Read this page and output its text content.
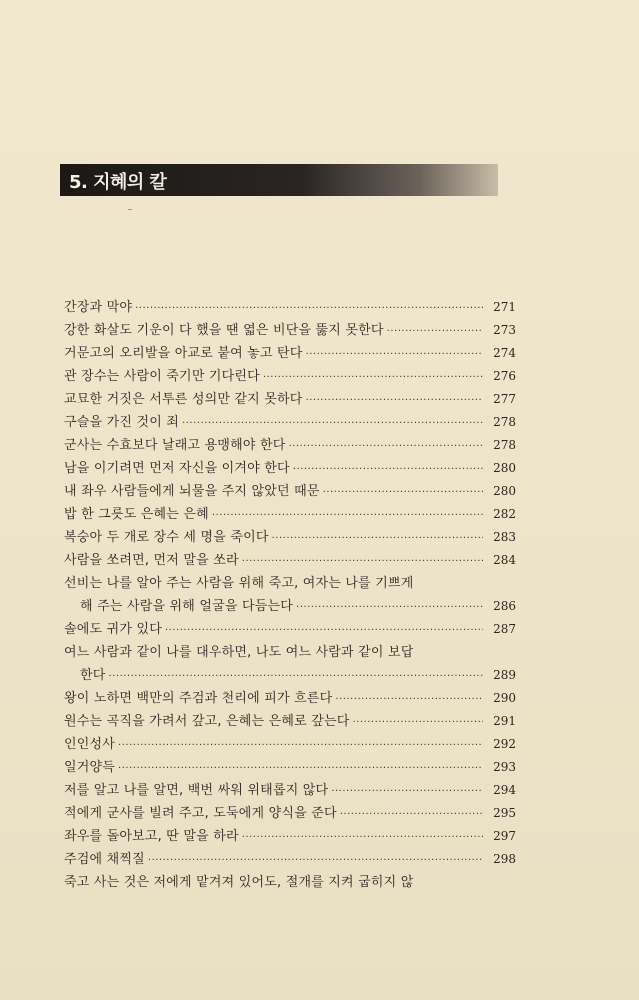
5. 지혜의 칼
‾
간장과 막야 ·····	271
강한 화살도 기운이 다 했을 땐 엷은 비단을 뚫지 못한다 ·····	273
거문고의 오리발을 아교로 붙여 놓고 탄다 ·····	274
관 장수는 사람이 죽기만 기다린다 ·····	276
교묘한 거짓은 서투른 성의만 같지 못하다 ·····	277
구슬을 가진 것이 죄 ·····	278
군사는 수효보다 날래고 용맹해야 한다 ·····	278
남을 이기려면 먼저 자신을 이겨야 한다 ·····	280
내 좌우 사람들에게 뇌물을 주지 않았던 때문 ·····	280
밥 한 그릇도 은혜는 은혜 ·····	282
복숭아 두 개로 장수 세 명을 죽이다 ·····	283
사람을 쏘려면, 먼저 말을 쏘라 ·····	284
선비는 나를 알아 주는 사람을 위해 죽고, 여자는 나를 기쁘게
해 주는 사람을 위해 얼굴을 다듬는다 ·····	286
솔에도 귀가 있다 ·····	287
여느 사람과 같이 나를 대우하면, 나도 여느 사람과 같이 보답
한다 ·····	289
왕이 노하면 백만의 주검과 천리에 피가 흐른다 ·····	290
원수는 곡직을 가려서 갚고, 은혜는 은혜로 갚는다 ·····	291
인인성사 ·····	292
일거양득 ·····	293
저를 알고 나를 알면, 백번 싸워 위태롭지 않다 ·····	294
적에게 군사를 빌려 주고, 도둑에게 양식을 준다 ·····	295
좌우를 돌아보고, 딴 말을 하라 ·····	297
주검에 채찍질 ·····	298
죽고 사는 것은 저에게 맡겨져 있어도, 절개를 지켜 굽히지 않
